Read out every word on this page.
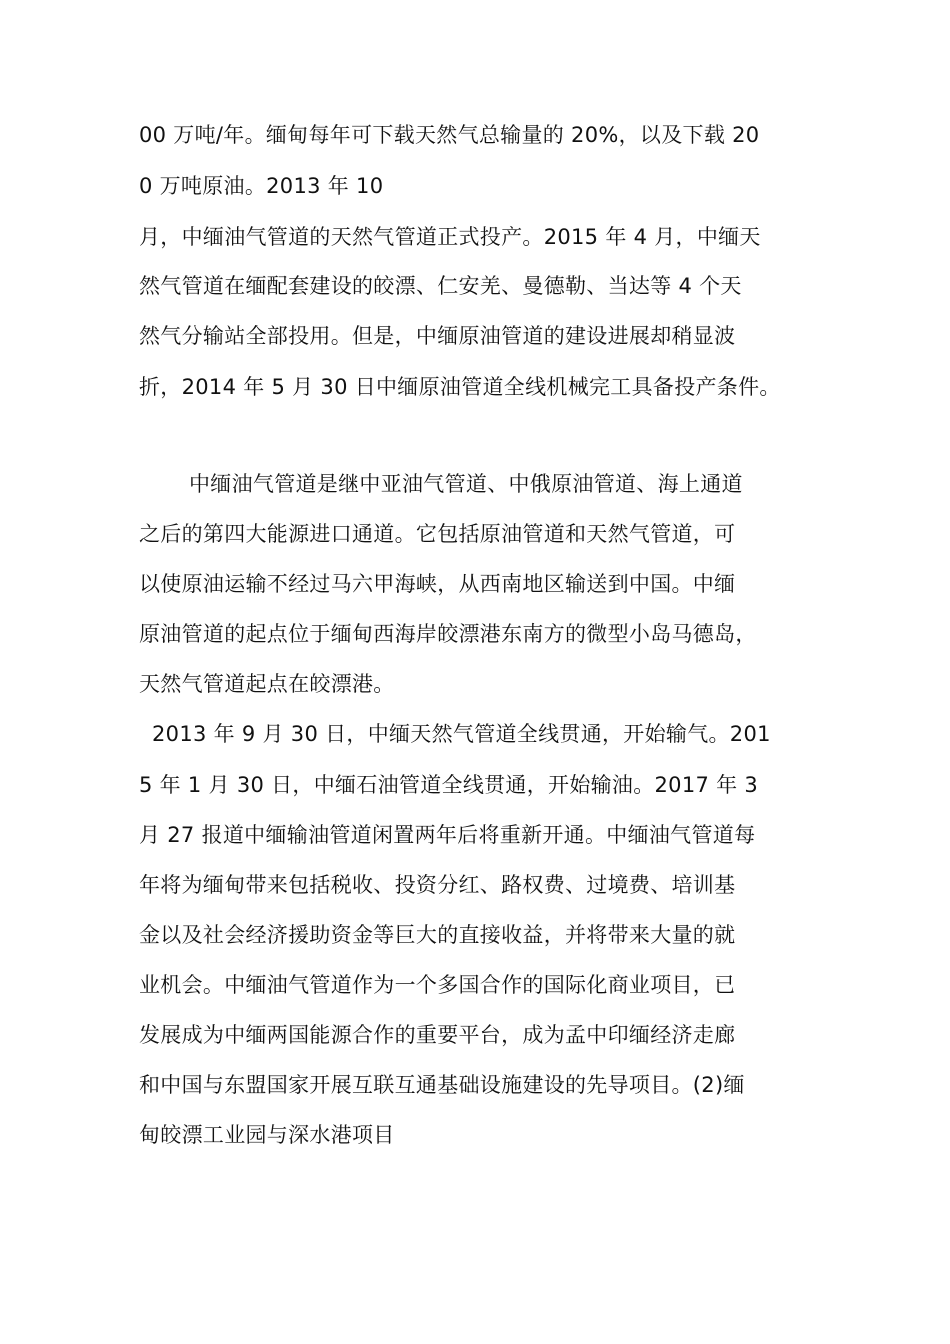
00 万吨/年。缅甸每年可下载天然气总输量的 20%，以及下载 20
0 万吨原油。2013 年 10
月，中缅油气管道的天然气管道正式投产。2015 年 4 月，中缅天
然气管道在缅配套建设的皎漂、仁安羌、曼德勒、当达等 4 个天
然气分输站全部投用。但是，中缅原油管道的建设进展却稍显波
折，2014 年 5 月 30 日中缅原油管道全线机械完工具备投产条件。
中缅油气管道是继中亚油气管道、中俄原油管道、海上通道
之后的第四大能源进口通道。它包括原油管道和天然气管道，可
以使原油运输不经过马六甲海峡，从西南地区输送到中国。中缅
原油管道的起点位于缅甸西海岸皎漂港东南方的微型小岛马德岛，
天然气管道起点在皎漂港。
2013 年 9 月 30 日，中缅天然气管道全线贯通，开始输气。201
5 年 1 月 30 日，中缅石油管道全线贯通，开始输油。2017 年 3
月 27 报道中缅输油管道闲置两年后将重新开通。中缅油气管道每
年将为缅甸带来包括税收、投资分红、路权费、过境费、培训基
金以及社会经济援助资金等巨大的直接收益，并将带来大量的就
业机会。中缅油气管道作为一个多国合作的国际化商业项目，已
发展成为中缅两国能源合作的重要平台，成为孟中印缅经济走廊
和中国与东盟国家开展互联互通基础设施建设的先导项目。(2)缅
甸皎漂工业园与深水港项目
